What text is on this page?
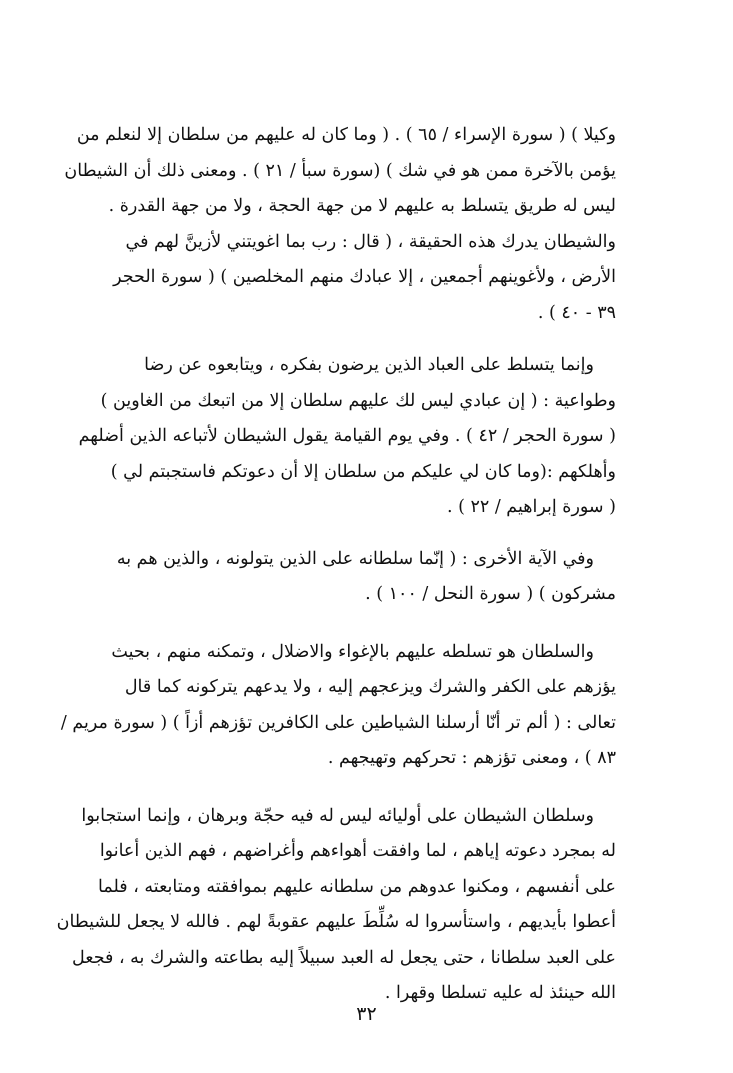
وكيلا ) ( سورة الإسراء / ٦٥ ) . ( وما كان له عليهم من سلطان إلا لنعلم من
يؤمن بالآخرة ممن هو في شك ) (سورة سبأ / ٢١ ) . ومعنى ذلك أن الشيطان
ليس له طريق يتسلط به عليهم لا من جهة الحجة ، ولا من جهة القدرة .
والشيطان يدرك هذه الحقيقة ، ( قال : رب بما اغويتني لأزينَّ لهم في
الأرض ، ولأغوينهم أجمعين ، إلا عبادك منهم المخلصين ) ( سورة الحجر
٣٩ - ٤٠ ) .

وإنما يتسلط على العباد الذين يرضون بفكره ، ويتابعوه عن رضا
وطواعية : ( إن عبادي ليس لك عليهم سلطان إلا من اتبعك من الغاوين )
( سورة الحجر / ٤٢ ) . وفي يوم القيامة يقول الشيطان لأتباعه الذين أضلهم
وأهلكهم :(وما كان لي عليكم من سلطان إلا أن دعوتكم فاستجبتم لي )
( سورة إبراهيم / ٢٢ ) .

وفي الآية الأخرى : ( إنّما سلطانه على الذين يتولونه ، والذين هم به
مشركون ) ( سورة النحل / ١٠٠ ) .

والسلطان هو تسلطه عليهم بالإغواء والاضلال ، وتمكنه منهم ، بحيث
يؤزهم على الكفر والشرك ويزعجهم إليه ، ولا يدعهم يتركونه كما قال
تعالى : ( ألم تر أنّا أرسلنا الشياطين على الكافرين تؤزهم أزاً ) ( سورة مريم /
٨٣ ) ، ومعنى تؤزهم : تحركهم وتهيجهم .

وسلطان الشيطان على أوليائه ليس له فيه حجّة وبرهان ، وإنما استجابوا
له بمجرد دعوته إياهم ، لما وافقت أهواءهم وأغراضهم ، فهم الذين أعانوا
على أنفسهم ، ومكنوا عدوهم من سلطانه عليهم بموافقته ومتابعته ، فلما
أعطوا بأيديهم ، واستأسروا له سُلِّطَ عليهم عقوبةً لهم . فالله لا يجعل للشيطان
على العبد سلطانا ، حتى يجعل له العبد سبيلاً إليه بطاعته والشرك به ، فجعل
الله حينئذ له عليه تسلطا وقهرا .

٣٢
